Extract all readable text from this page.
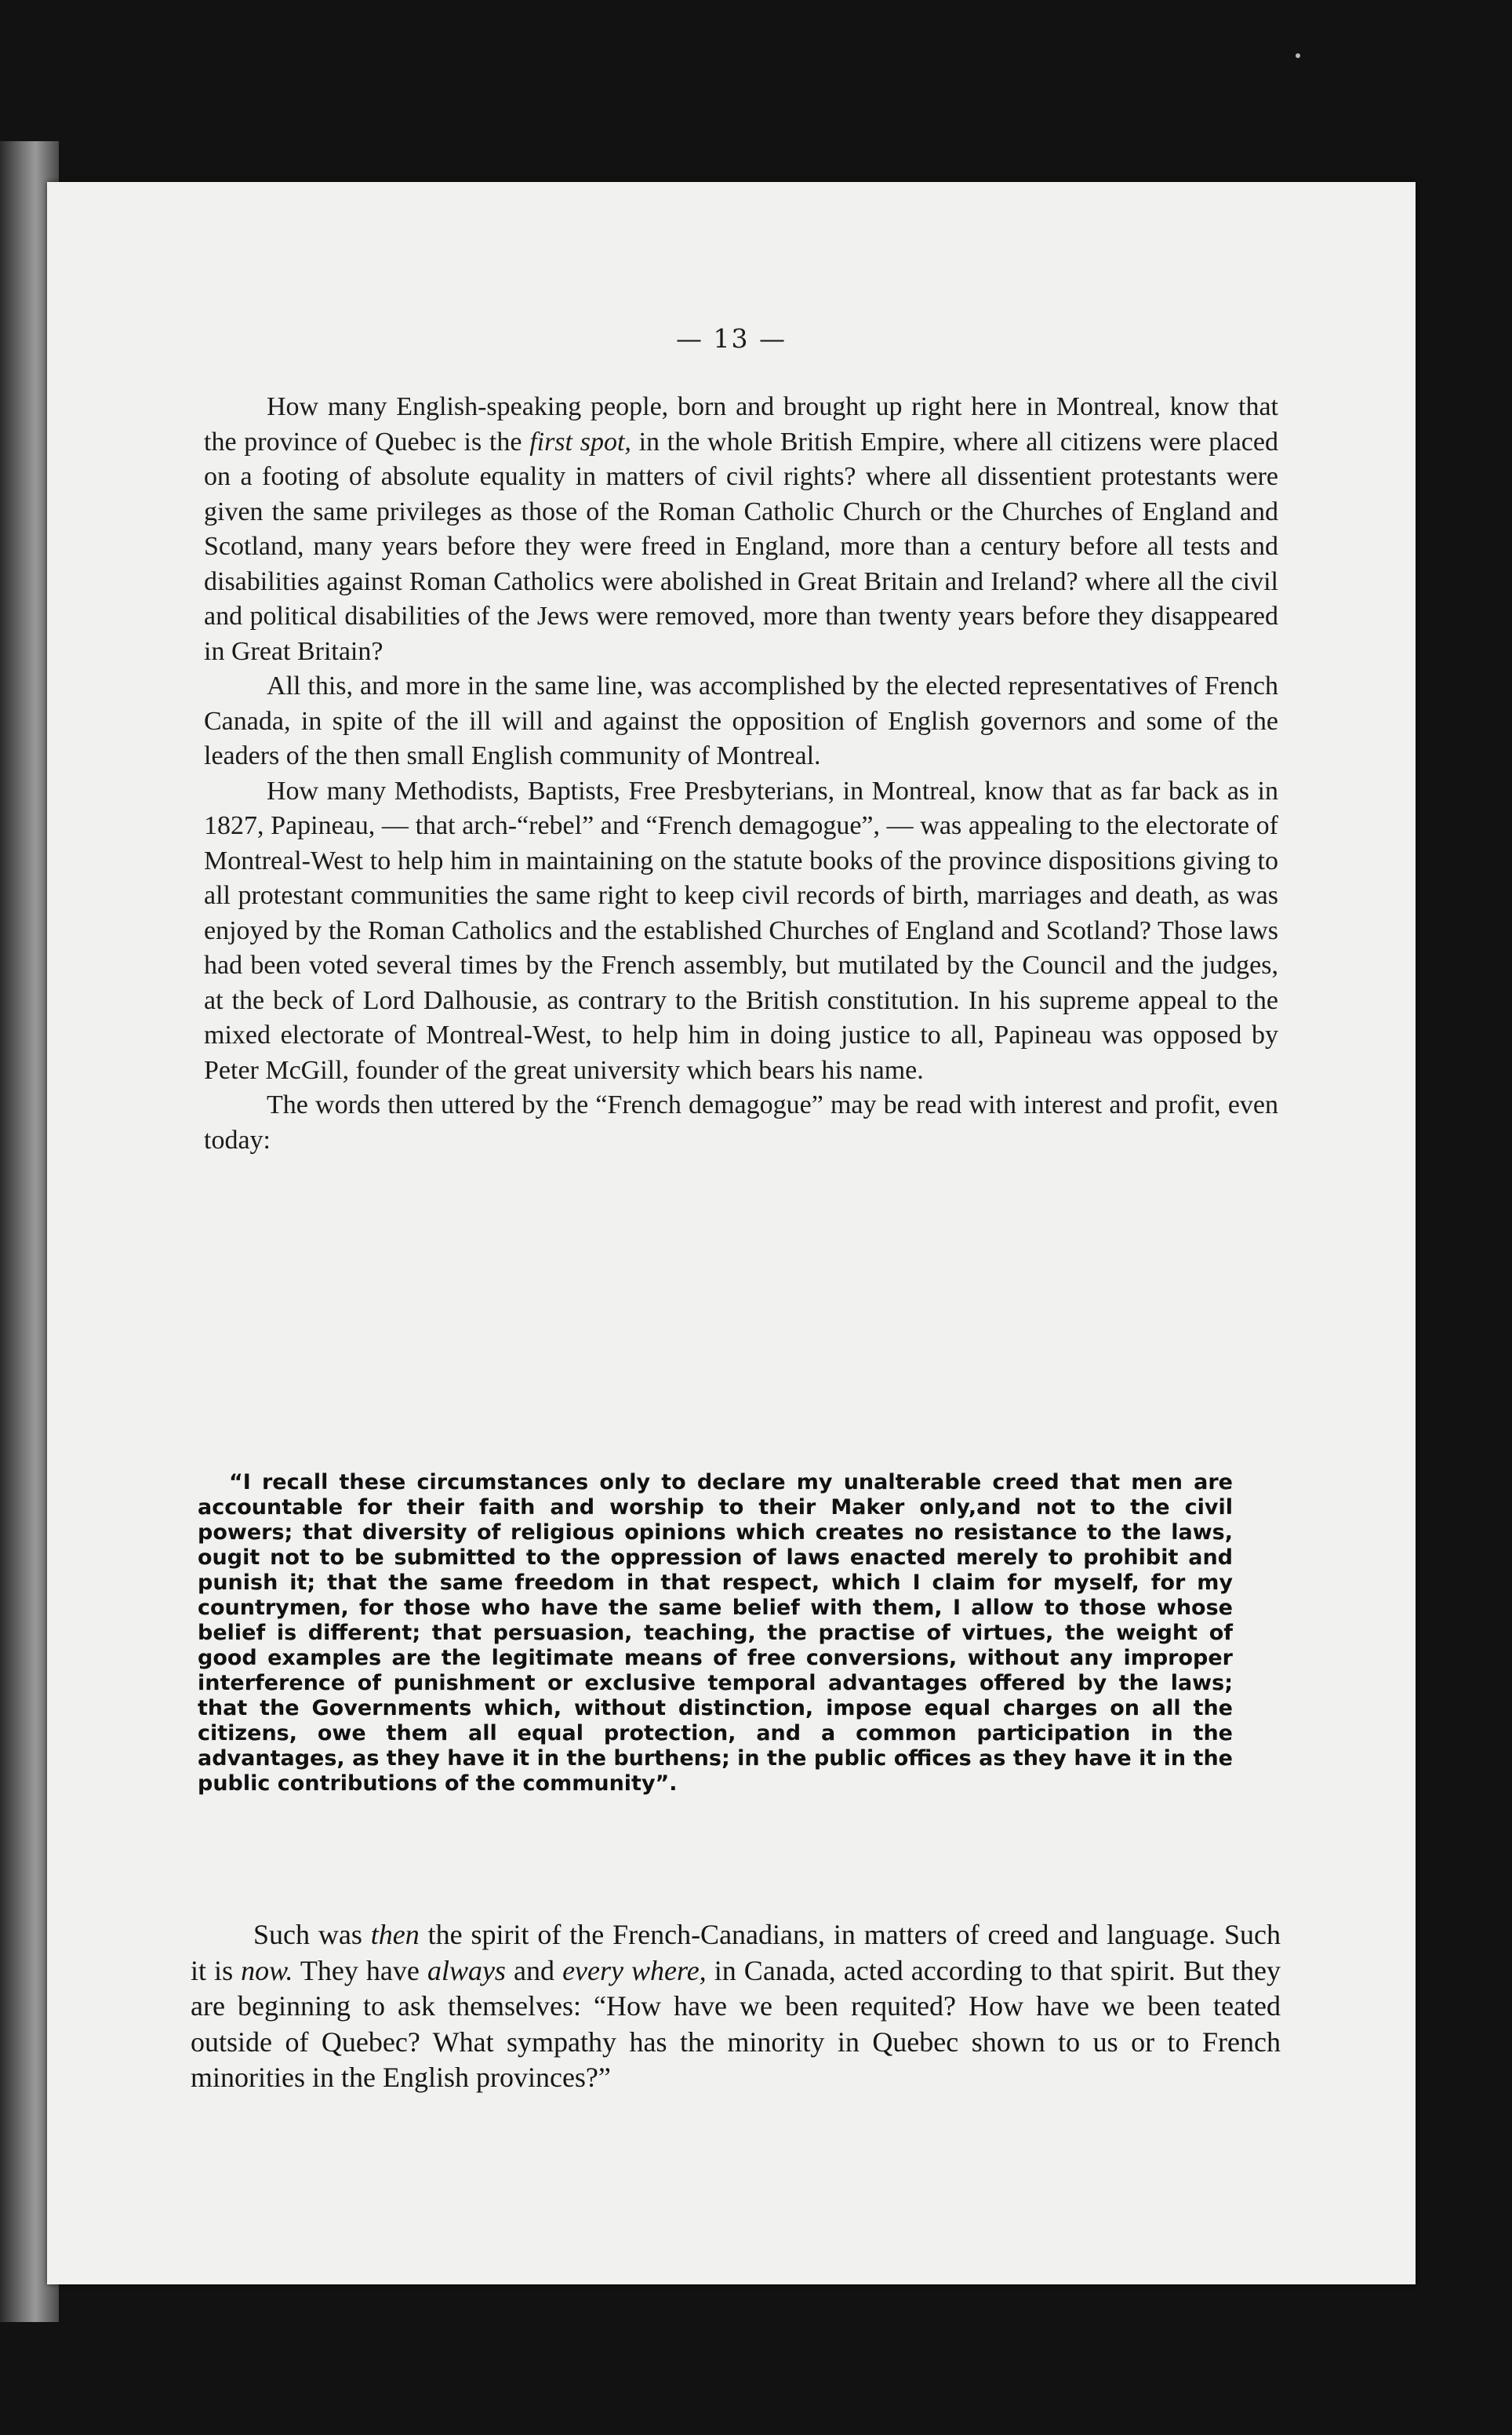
— 13 —

How many English-speaking people, born and brought up right here in Montreal, know that the province of Quebec is the first spot, in the whole British Empire, where all citizens were placed on a footing of absolute equality in matters of civil rights? where all dissentient protestants were given the same privileges as those of the Roman Catholic Church or the Churches of England and Scotland, many years before they were freed in England, more than a century before all tests and disabilities against Roman Catholics were abolished in Great Britain and Ireland? where all the civil and political disabilities of the Jews were removed, more than twenty years before they disappeared in Great Britain?

All this, and more in the same line, was accomplished by the elected representatives of French Canada, in spite of the ill will and against the opposition of English governors and some of the leaders of the then small English community of Montreal.

How many Methodists, Baptists, Free Presbyterians, in Montreal, know that as far back as in 1827, Papineau, — that arch-“rebel” and “French demagogue”, — was appealing to the electorate of Montreal-West to help him in maintaining on the statute books of the province dispositions giving to all protestant communities the same right to keep civil records of birth, marriages and death, as was enjoyed by the Roman Catholics and the established Churches of England and Scotland? Those laws had been voted several times by the French assembly, but mutilated by the Council and the judges, at the beck of Lord Dalhousie, as contrary to the British constitution. In his supreme appeal to the mixed electorate of Montreal-West, to help him in doing justice to all, Papineau was opposed by Peter McGill, founder of the great university which bears his name.

The words then uttered by the “French demagogue” may be read with interest and profit, even today:

“I recall these circumstances only to declare my unalterable creed that men are accountable for their faith and worship to their Maker only,and not to the civil powers; that diversity of religious opinions which creates no resistance to the laws, ougit not to be submitted to the oppression of laws enacted merely to prohibit and punish it; that the same freedom in that respect, which I claim for myself, for my countrymen, for those who have the same belief with them, I allow to those whose belief is different; that persuasion, teaching, the practise of virtues, the weight of good examples are the legitimate means of free conversions, without any improper interference of punishment or exclusive temporal advantages offered by the laws; that the Governments which, without distinction, impose equal charges on all the citizens, owe them all equal protection, and a common participation in the advantages, as they have it in the burthens; in the public offices as they have it in the public contributions of the community”.

Such was then the spirit of the French-Canadians, in matters of creed and language. Such it is now. They have always and every where, in Canada, acted according to that spirit. But they are beginning to ask themselves: “How have we been requited? How have we been teated outside of Quebec? What sympathy has the minority in Quebec shown to us or to French minorities in the English provinces?”
